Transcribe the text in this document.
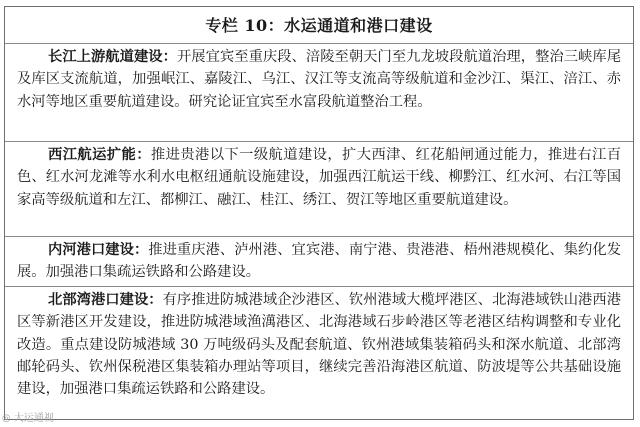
专栏 10：水运通道和港口建设

长江上游航道建设：开展宜宾至重庆段、涪陵至朝天门至九龙坡段航道治理，整治三峡库尾及库区支流航道，加强岷江、嘉陵江、乌江、汉江等支流高等级航道和金沙江、渠江、涪江、赤水河等地区重要航道建设。研究论证宜宾至水富段航道整治工程。

西江航运扩能：推进贵港以下一级航道建设，扩大西津、红花船闸通过能力，推进右江百色、红水河龙滩等水利水电枢纽通航设施建设，加强西江航运干线、柳黔江、红水河、右江等国家高等级航道和左江、都柳江、融江、桂江、绣江、贺江等地区重要航道建设。

内河港口建设：推进重庆港、泸州港、宜宾港、南宁港、贵港港、梧州港规模化、集约化发展。加强港口集疏运铁路和公路建设。

北部湾港口建设：有序推进防城港域企沙港区、钦州港域大榄坪港区、北海港域铁山港西港区等新港区开发建设，推进防城港域渔澫港区、北海港域石步岭港区等老港区结构调整和专业化改造。重点建设防城港域 30 万吨级码头及配套航道、钦州港域集装箱码头和深水航道、北部湾邮轮码头、钦州保税港区集装箱办理站等项目，继续完善沿海港区航道、防波堤等公共基础设施建设，加强港口集疏运铁路和公路建设。

◎ 大运通视
